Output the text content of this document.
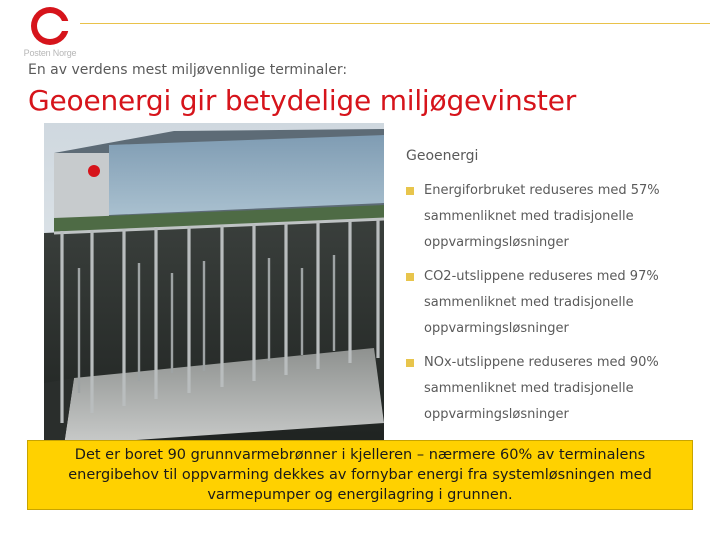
Posten Norge
En av verdens mest miljøvennlige terminaler:
Geoenergi gir betydelige miljøgevinster
Geoenergi
Energiforbruket reduseres med 57%
sammenliknet med tradisjonelle
oppvarmingsløsninger
CO2-utslippene reduseres med 97%
sammenliknet med tradisjonelle
oppvarmingsløsninger
NOx-utslippene reduseres med 90%
sammenliknet med tradisjonelle
oppvarmingsløsninger
Det er boret 90 grunnvarmebrønner i kjelleren – nærmere 60% av terminalens energibehov til oppvarming dekkes av fornybar energi fra systemløsningen med varmepumper og energilagring i grunnen.
